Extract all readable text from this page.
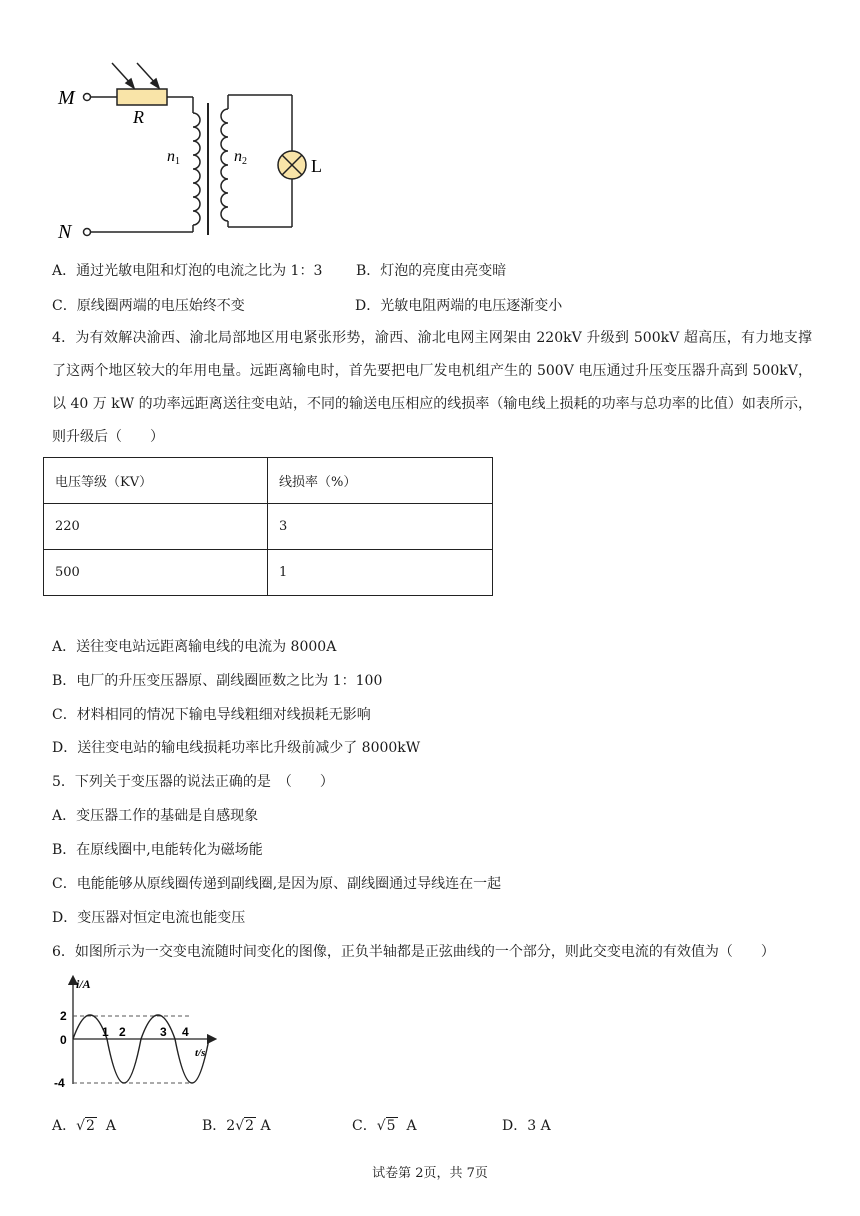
M
R
N
n1	n2	L
A．通过光敏电阻和灯泡的电流之比为 1：3 B．灯泡的亮度由亮变暗
C．原线圈两端的电压始终不变	D．光敏电阻两端的电压逐渐变小
4．为有效解决渝西、渝北局部地区用电紧张形势，渝西、渝北电网主网架由 220kV 升级到 500kV 超高压，有力地支撑了这两个地区较大的年用电量。远距离输电时，首先要把电厂发电机组产生的 500V 电压通过升压变压器升高到 500kV，以 40 万 kW 的功率远距离送往变电站，不同的输送电压相应的线损率（输电线上损耗的功率与总功率的比值）如表所示，则升级后（　　）
电压等级（KV）	线损率（%）
220	3
500	1
A．送往变电站远距离输电线的电流为 8000A
B．电厂的升压变压器原、副线圈匝数之比为 1：100
C．材料相同的情况下输电导线粗细对线损耗无影响
D．送往变电站的输电线损耗功率比升级前减少了 8000kW
5．下列关于变压器的说法正确的是　（　　）
A．变压器工作的基础是自感现象
B．在原线圈中,电能转化为磁场能
C．电能能够从原线圈传递到副线圈,是因为原、副线圈通过导线连在一起
D．变压器对恒定电流也能变压
6．如图所示为一交变电流随时间变化的图像，正负半轴都是正弦曲线的一个部分，则此交变电流的有效值为（　　）
i/A
t/s
2
0
-4
1 2	3 4
A．√2 A	B．2√2 A	C．√5 A	D．3 A
试卷第 2页，共 7页
